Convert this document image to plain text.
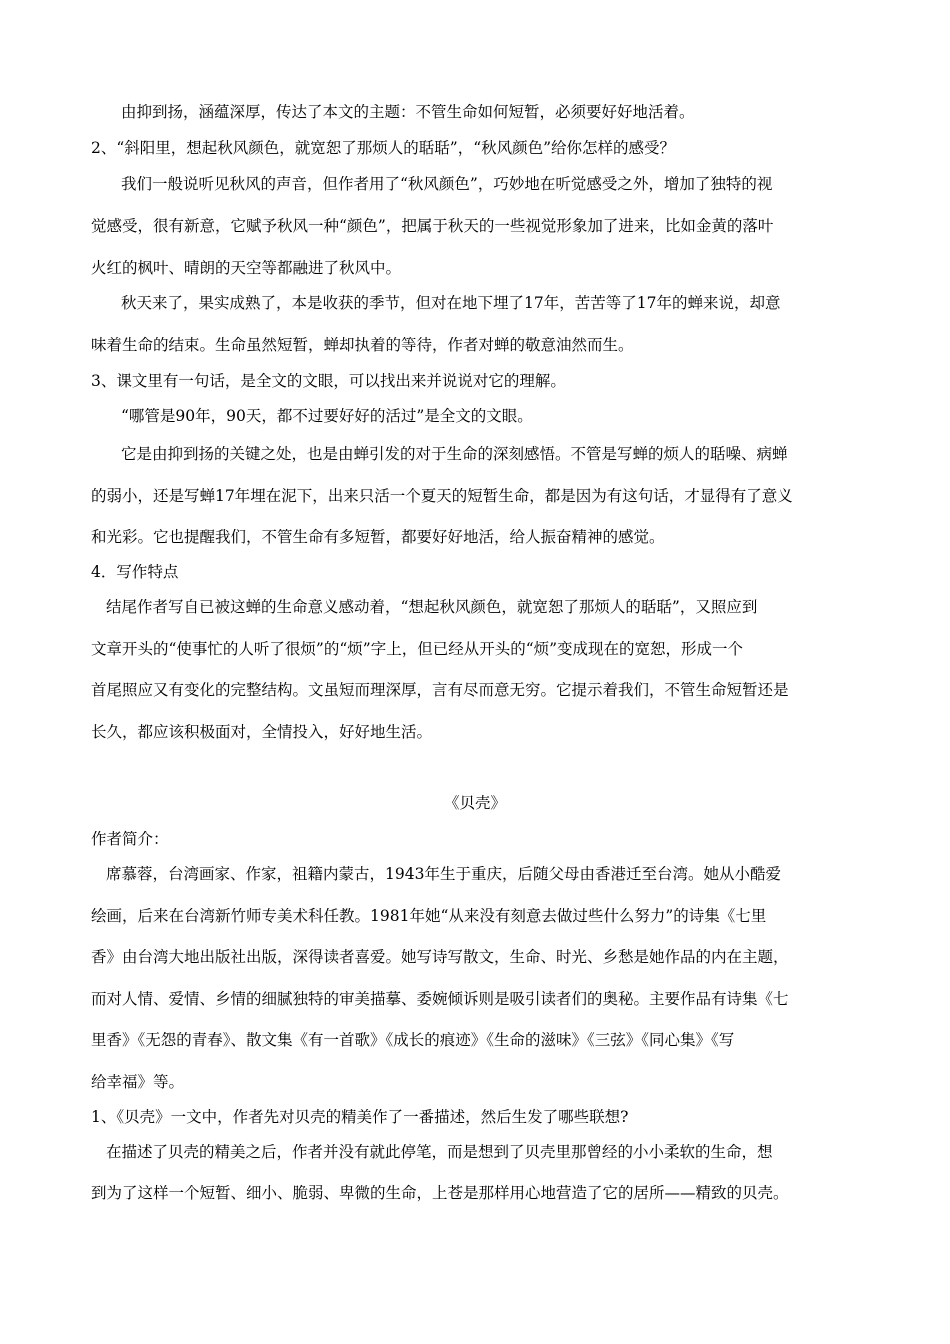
由抑到扬，涵蕴深厚，传达了本文的主题：不管生命如何短暂，必须要好好地活着。
2、“斜阳里，想起秋风颜色，就宽恕了那烦人的聒聒”，“秋风颜色”给你怎样的感受？
我们一般说听见秋风的声音，但作者用了“秋风颜色”，巧妙地在听觉感受之外，增加了独特的视
觉感受，很有新意，它赋予秋风一种“颜色”，把属于秋天的一些视觉形象加了进来，比如金黄的落叶
火红的枫叶、晴朗的天空等都融进了秋风中。
秋天来了，果实成熟了，本是收获的季节，但对在地下埋了17年，苦苦等了17年的蝉来说，却意
味着生命的结束。生命虽然短暂，蝉却执着的等待，作者对蝉的敬意油然而生。
3、课文里有一句话，是全文的文眼，可以找出来并说说对它的理解。
“哪管是90年，90天，都不过要好好的活过”是全文的文眼。
它是由抑到扬的关键之处，也是由蝉引发的对于生命的深刻感悟。不管是写蝉的烦人的聒噪、病蝉
的弱小，还是写蝉17年埋在泥下，出来只活一个夏天的短暂生命，都是因为有这句话，才显得有了意义
和光彩。它也提醒我们，不管生命有多短暂，都要好好地活，给人振奋精神的感觉。
4．写作特点
结尾作者写自已被这蝉的生命意义感动着，“想起秋风颜色，就宽恕了那烦人的聒聒”，又照应到
文章开头的“使事忙的人听了很烦”的“烦”字上，但已经从开头的“烦”变成现在的宽恕，形成一个
首尾照应又有变化的完整结构。文虽短而理深厚，言有尽而意无穷。它提示着我们，不管生命短暂还是
长久，都应该积极面对，全情投入，好好地生活。
《贝壳》
作者简介：
席慕蓉，台湾画家、作家，祖籍内蒙古，1943年生于重庆，后随父母由香港迁至台湾。她从小酷爱
绘画，后来在台湾新竹师专美术科任教。1981年她“从来没有刻意去做过些什么努力”的诗集《七里
香》由台湾大地出版社出版，深得读者喜爱。她写诗写散文，生命、时光、乡愁是她作品的内在主题，
而对人情、爱情、乡情的细腻独特的审美描摹、委婉倾诉则是吸引读者们的奥秘。主要作品有诗集《七
里香》《无怨的青春》、散文集《有一首歌》《成长的痕迹》《生命的滋味》《三弦》《同心集》《写
给幸福》等。
1、《贝壳》一文中，作者先对贝壳的精美作了一番描述，然后生发了哪些联想?
在描述了贝壳的精美之后，作者并没有就此停笔，而是想到了贝壳里那曾经的小小柔软的生命，想
到为了这样一个短暂、细小、脆弱、卑微的生命，上苍是那样用心地营造了它的居所——精致的贝壳。
